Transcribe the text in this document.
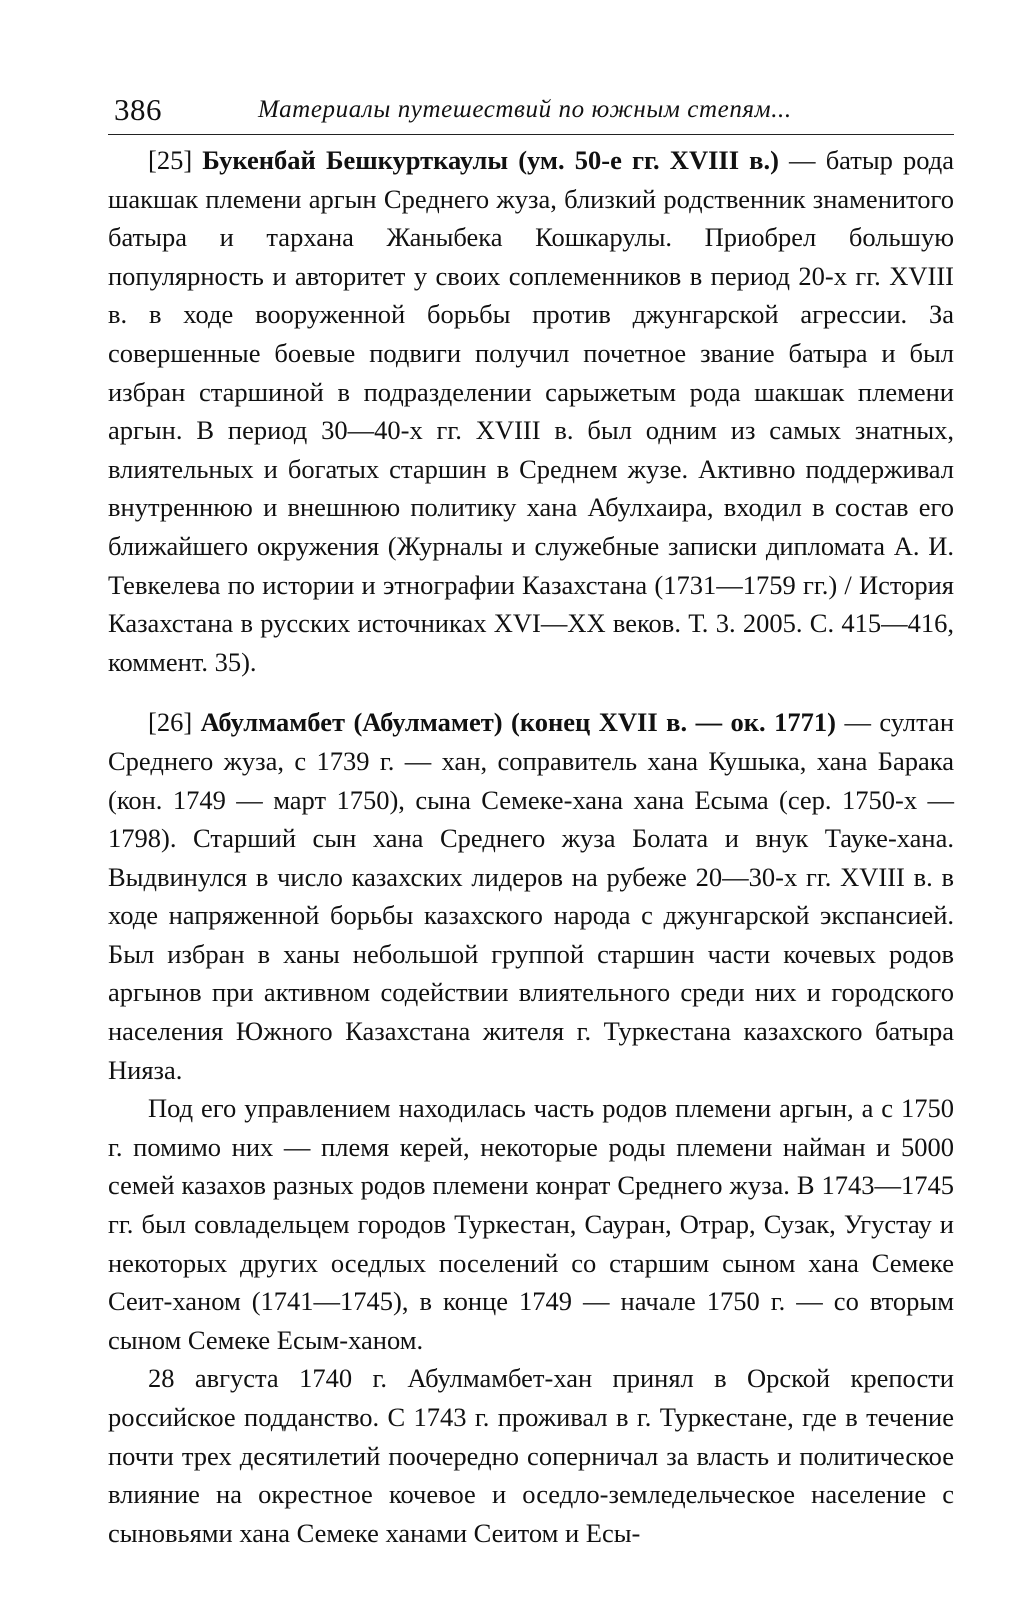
386	Материалы путешествий по южным степям...

[25] Букенбай Бешкурткаулы (ум. 50-е гг. XVIII в.) — батыр рода шакшак племени аргын Среднего жуза, близкий родственник знаменитого батыра и тархана Жаныбека Кошкарулы. Приобрел большую популярность и авторитет у своих соплеменников в период 20-х гг. XVIII в. в ходе вооруженной борьбы против джунгарской агрессии. За совершенные боевые подвиги получил почетное звание батыра и был избран старшиной в подразделении сарыжетым рода шакшак племени аргын. В период 30—40-х гг. XVIII в. был одним из самых знатных, влиятельных и богатых старшин в Среднем жузе. Активно поддерживал внутреннюю и внешнюю политику хана Абулхаира, входил в состав его ближайшего окружения (Журналы и служебные записки дипломата А. И. Тевкелева по истории и этнографии Казахстана (1731—1759 гг.) / История Казахстана в русских источниках XVI—XX веков. Т. 3. 2005. С. 415—416, коммент. 35).

[26] Абулмамбет (Абулмамет) (конец XVII в. — ок. 1771) — султан Среднего жуза, с 1739 г. — хан, соправитель хана Кушыка, хана Барака (кон. 1749 — март 1750), сына Семеке-хана хана Есыма (сер. 1750-х — 1798). Старший сын хана Среднего жуза Болата и внук Тауке-хана. Выдвинулся в число казахских лидеров на рубеже 20—30-х гг. XVIII в. в ходе напряженной борьбы казахского народа с джунгарской экспансией. Был избран в ханы небольшой группой старшин части кочевых родов аргынов при активном содействии влиятельного среди них и городского населения Южного Казахстана жителя г. Туркестана казахского батыра Нияза.

Под его управлением находилась часть родов племени аргын, а с 1750 г. помимо них — племя керей, некоторые роды племени найман и 5000 семей казахов разных родов племени конрат Среднего жуза. В 1743—1745 гг. был совладельцем городов Туркестан, Сауран, Отрар, Сузак, Угустау и некоторых других оседлых поселений со старшим сыном хана Семеке Сеит-ханом (1741—1745), в конце 1749 — начале 1750 г. — со вторым сыном Семеке Есым-ханом.

28 августа 1740 г. Абулмамбет-хан принял в Орской крепости российское подданство. С 1743 г. проживал в г. Туркестане, где в течение почти трех десятилетий поочередно соперничал за власть и политическое влияние на окрестное кочевое и оседло-земледельческое население с сыновьями хана Семеке ханами Сеитом и Есы-
